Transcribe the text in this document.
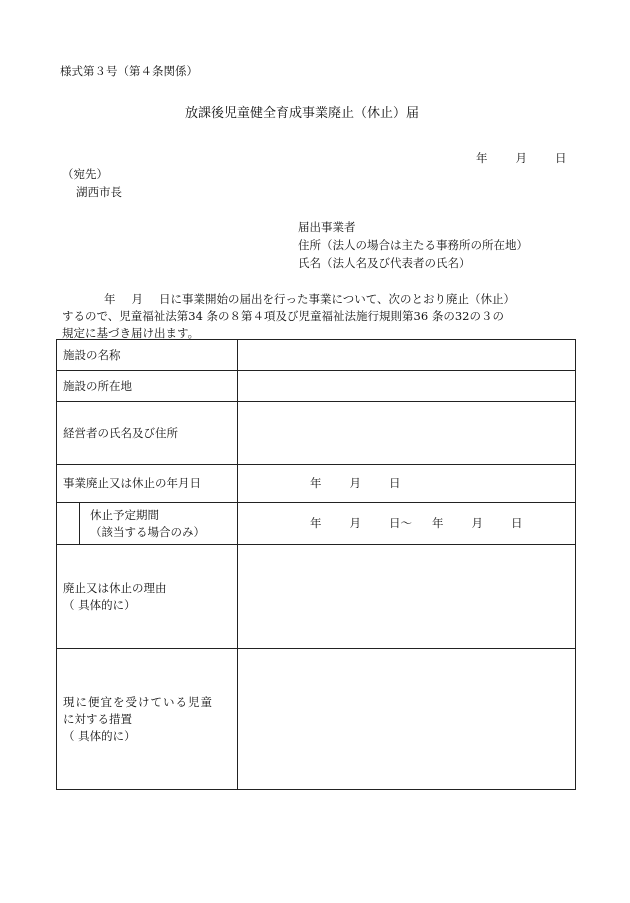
様式第３号（第４条関係）
放課後児童健全育成事業廃止（休止）届
年 月 日
（宛先）
湖西市長
届出事業者
住所（法人の場合は主たる事務所の所在地）
氏名（法人名及び代表者の氏名）
年 月 日に事業開始の届出を行った事業について、次のとおり廃止（休止）
するので、児童福祉法第34 条の８第４項及び児童福祉法施行規則第36 条の32の３の
規定に基づき届け出ます。
施設の名称	
施設の所在地	
経営者の氏名及び住所	
事業廃止又は休止の年月日	年 月 日

休止予定期間
（該当する場合のみ）	年 月 日〜 年 月 日

廃止又は休止の理由
（ 具体的に）	

現に便宜を受けている児童
に対する措置
（ 具体的に）	
